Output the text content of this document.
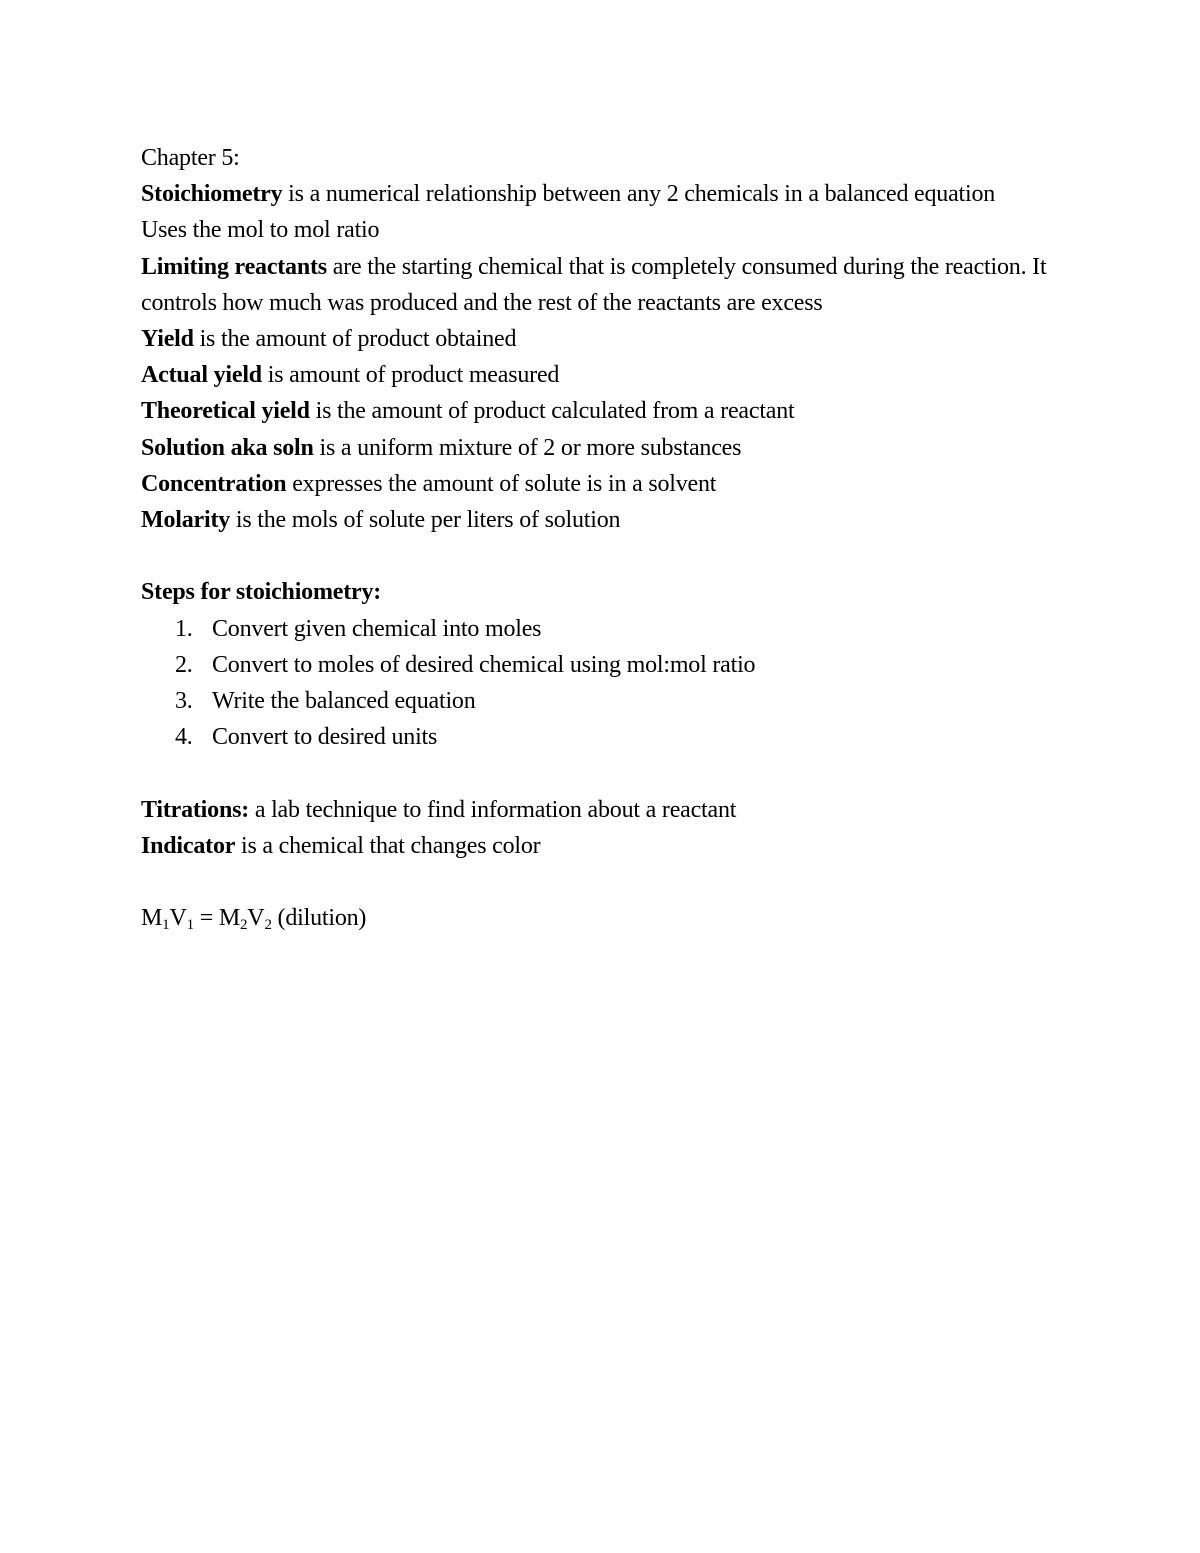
Chapter 5:

Stoichiometry is a numerical relationship between any 2 chemicals in a balanced equation

Uses the mol to mol ratio

Limiting reactants are the starting chemical that is completely consumed during the reaction. It controls how much was produced and the rest of the reactants are excess

Yield is the amount of product obtained

Actual yield is amount of product measured

Theoretical yield is the amount of product calculated from a reactant

Solution aka soln is a uniform mixture of 2 or more substances

Concentration expresses the amount of solute is in a solvent

Molarity is the mols of solute per liters of solution

Steps for stoichiometry:

1. Convert given chemical into moles
2. Convert to moles of desired chemical using mol:mol ratio
3. Write the balanced equation
4. Convert to desired units

Titrations: a lab technique to find information about a reactant

Indicator is a chemical that changes color

$M_1V_1 = M_2V_2$ (dilution)
